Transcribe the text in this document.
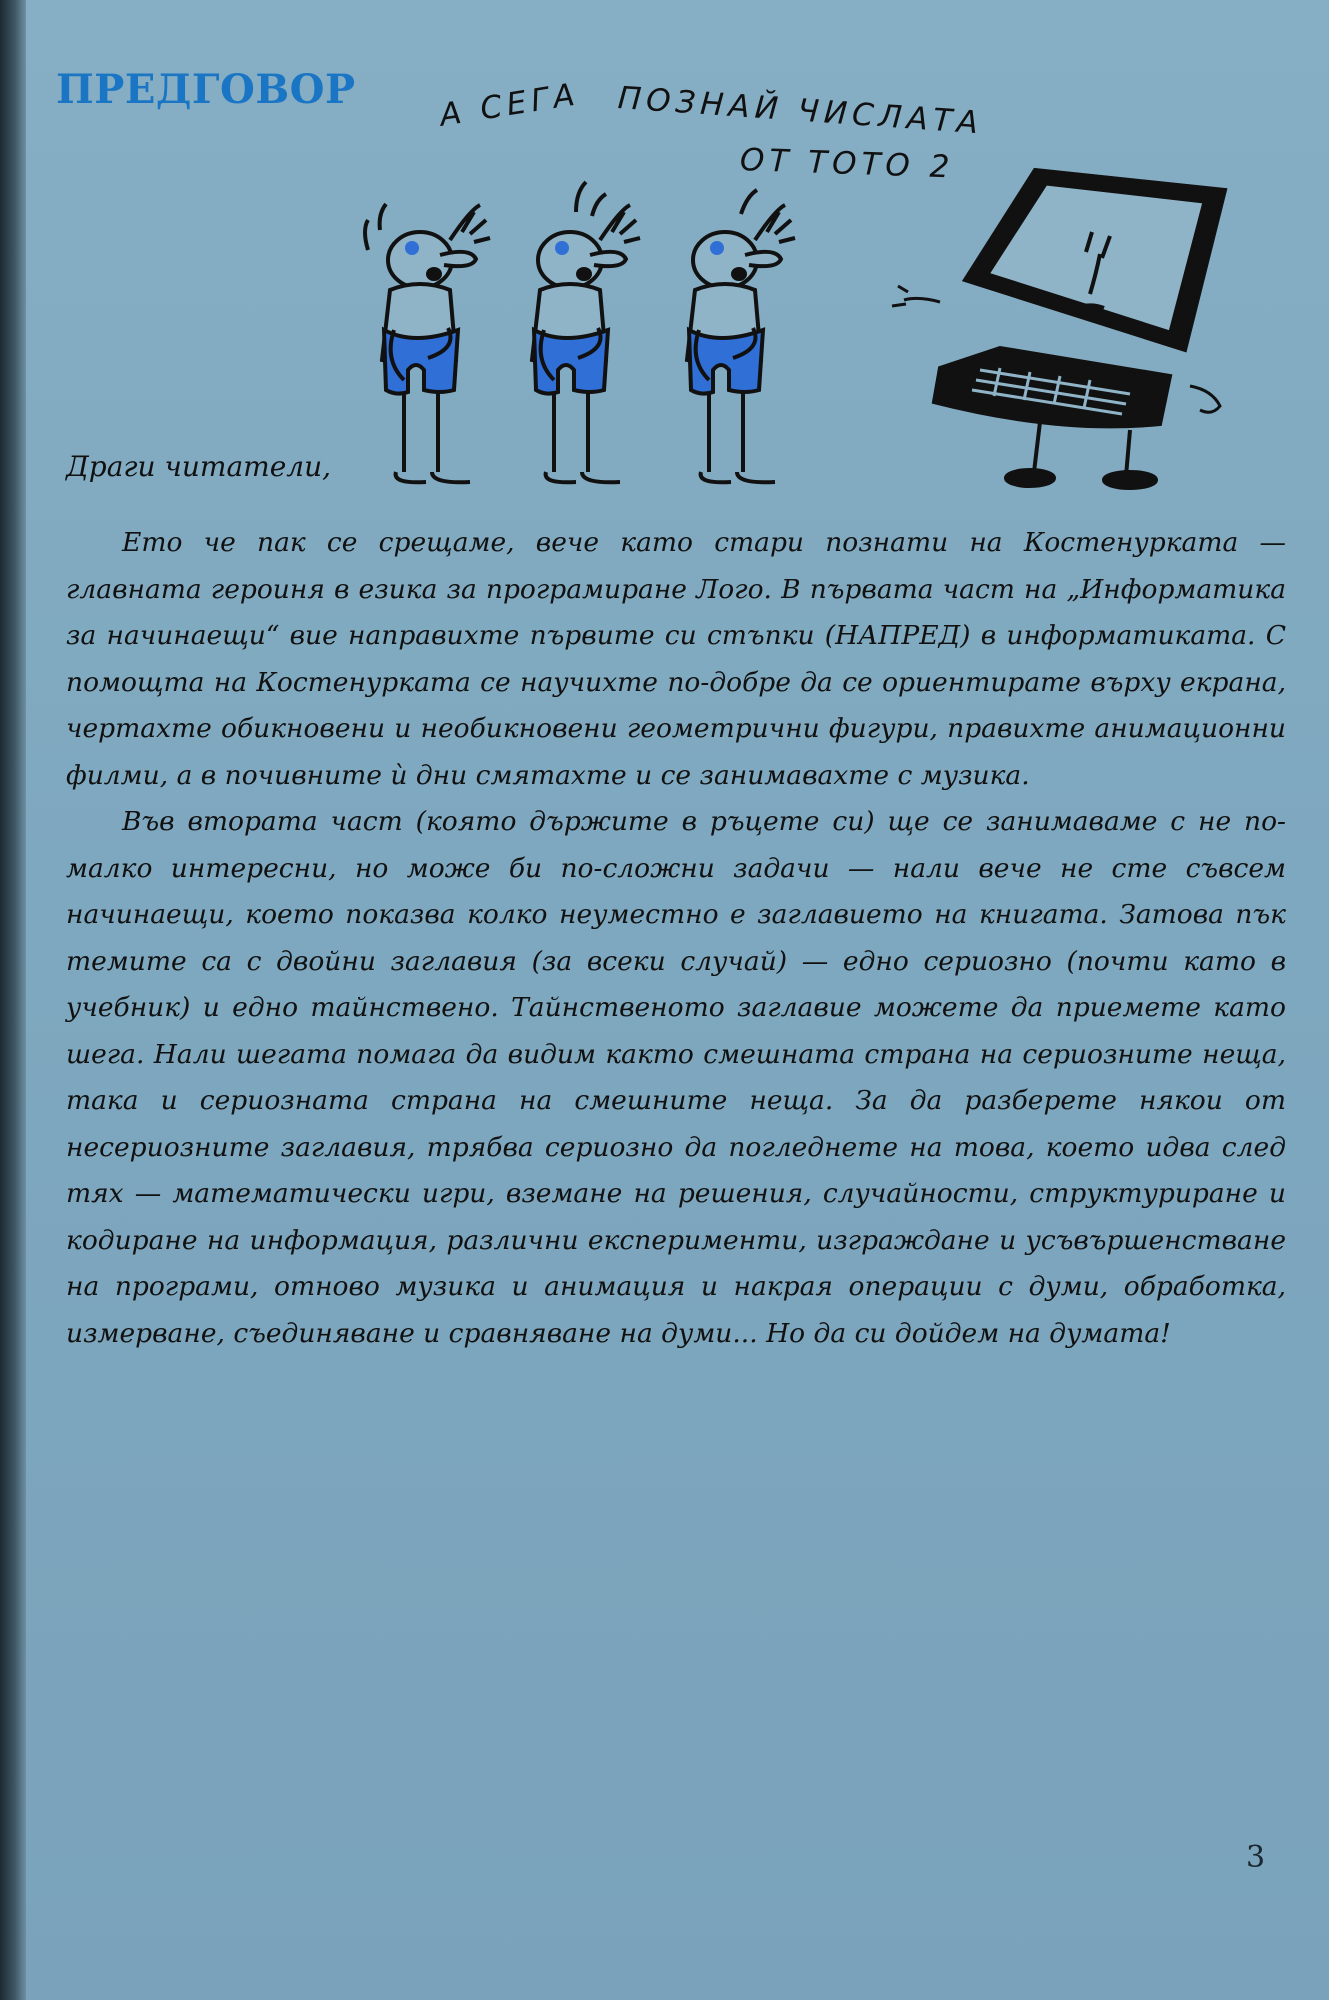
ПРЕДГОВОР	А СЕГА ПОЗНАЙ ЧИСЛАТА
ОТ ТОТО 2
Драги читатели,

Ето че пак се срещаме, вече като стари познати на Костенурката — главната героиня в езика за програмиране Лого. В първата част на „Информатика за начинаещи“ вие направихте първите си стъпки (НАПРЕД) в информатиката. С помощта на Костенурката се научихте по-добре да се ориентирате върху екрана, чертахте обикновени и необикновени геометрични фигури, правихте анимационни филми, а в почивните ѝ дни смятахте и се занимавахте с музика.

Във втората част (която държите в ръцете си) ще се занимаваме с не по-малко интересни, но може би по-сложни задачи — нали вече не сте съвсем начинаещи, което показва колко неуместно е заглавието на книгата. Затова пък темите са с двойни заглавия (за всеки случай) — едно сериозно (почти като в учебник) и едно тайнствено. Тайнственото заглавие можете да приемете като шега. Нали шегата помага да видим както смешната страна на сериозните неща, така и сериозната страна на смешните неща. За да разберете някои от несериозните заглавия, трябва сериозно да погледнете на това, което идва след тях — математически игри, вземане на решения, случайности, структуриране и кодиране на информация, различни експерименти, изграждане и усъвършенстване на програми, отново музика и анимация и накрая операции с думи, обработка, измерване, съединяване и сравняване на думи... Но да си дойдем на думата!

3
